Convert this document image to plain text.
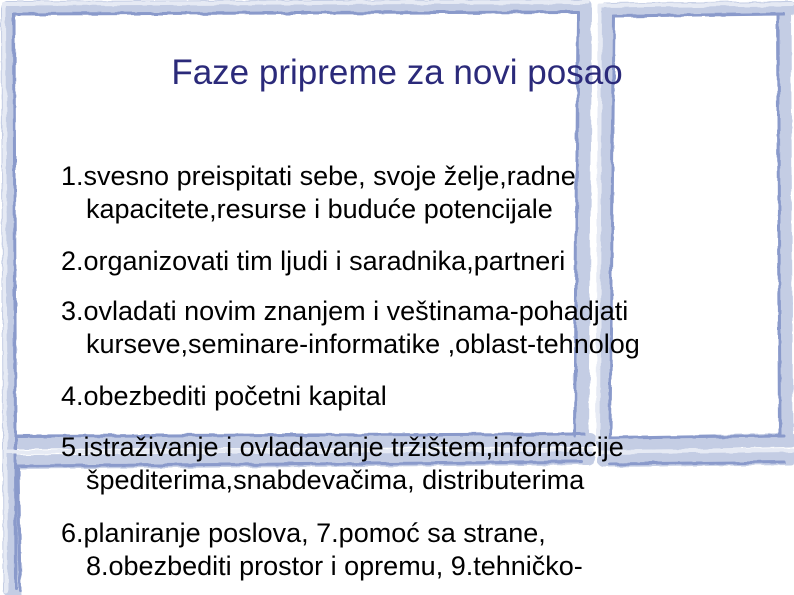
Faze pripreme za novi posao
1.svesno preispitati sebe, svoje želje,radne
kapacitete,resurse i buduće potencijale
2.organizovati tim ljudi i saradnika,partneri
3.ovladati novim znanjem i veštinama-pohadjati
kurseve,seminare-informatike ,oblast-tehnolog
4.obezbediti početni kapital
5.istraživanje i ovladavanje tržištem,informacije
špediterima,snabdevačima, distributerima
6.planiranje poslova, 7.pomoć sa strane,
8.obezbediti prostor i opremu, 9.tehničko-
